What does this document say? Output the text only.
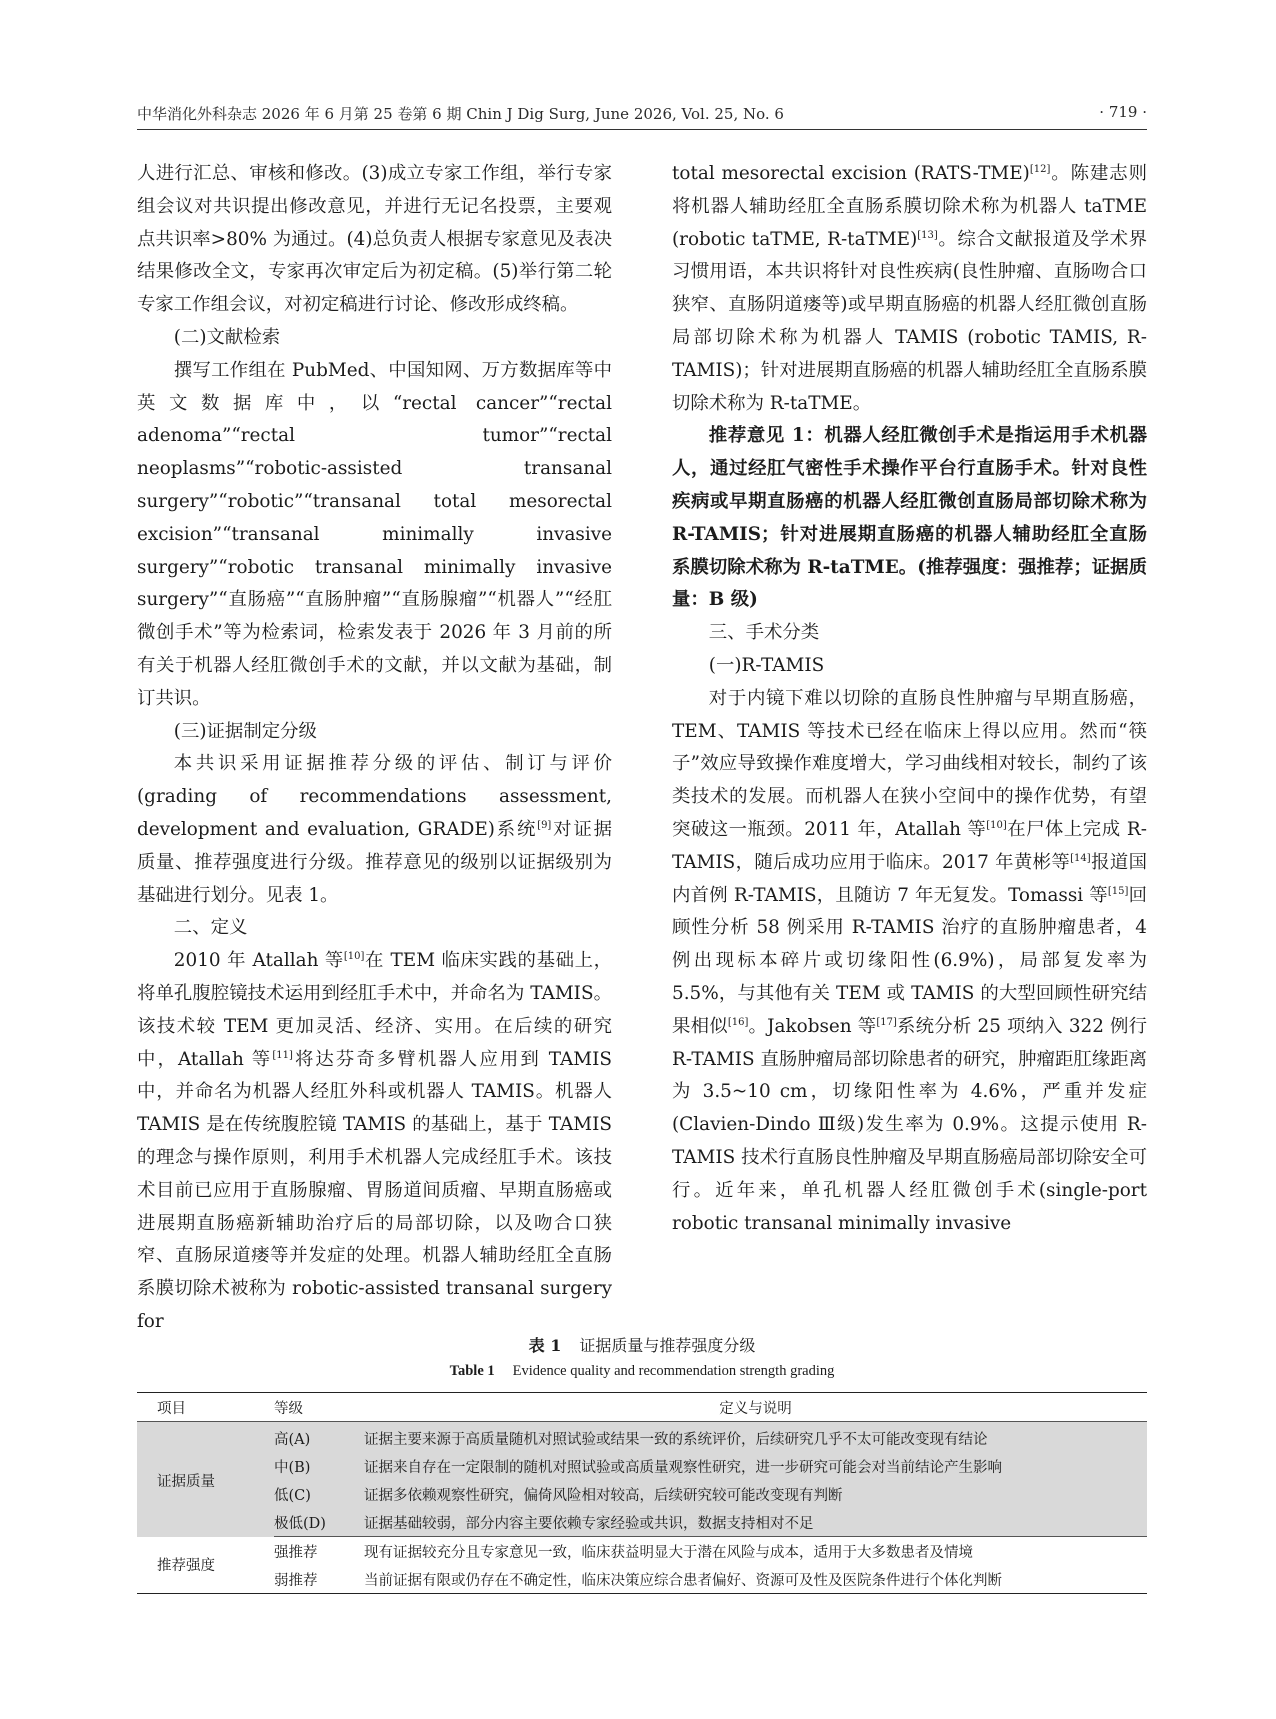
中华消化外科杂志 2026 年 6 月第 25 卷第 6 期 Chin J Dig Surg, June 2026, Vol. 25, No. 6	· 719 ·

人进行汇总、审核和修改。(3)成立专家工作组，举行专家组会议对共识提出修改意见，并进行无记名投票，主要观点共识率>80% 为通过。(4)总负责人根据专家意见及表决结果修改全文，专家再次审定后为初定稿。(5)举行第二轮专家工作组会议，对初定稿进行讨论、修改形成终稿。

(二)文献检索

撰写工作组在 PubMed、中国知网、万方数据库等中英文数据库中，以“rectal cancer”“rectal adenoma”“rectal tumor”“rectal neoplasms”“robotic-assisted transanal surgery”“robotic”“transanal total mesorectal excision”“transanal minimally invasive surgery”“robotic transanal minimally invasive surgery”“直肠癌”“直肠肿瘤”“直肠腺瘤”“机器人”“经肛微创手术”等为检索词，检索发表于 2026 年 3 月前的所有关于机器人经肛微创手术的文献，并以文献为基础，制订共识。

(三)证据制定分级

本共识采用证据推荐分级的评估、制订与评价(grading of recommendations assessment, development and evaluation, GRADE)系统[9]对证据质量、推荐强度进行分级。推荐意见的级别以证据级别为基础进行划分。见表 1。

二、定义

2010 年 Atallah 等[10]在 TEM 临床实践的基础上，将单孔腹腔镜技术运用到经肛手术中，并命名为 TAMIS。该技术较 TEM 更加灵活、经济、实用。在后续的研究中，Atallah 等[11]将达芬奇多臂机器人应用到 TAMIS 中，并命名为机器人经肛外科或机器人 TAMIS。机器人 TAMIS 是在传统腹腔镜 TAMIS 的基础上，基于 TAMIS 的理念与操作原则，利用手术机器人完成经肛手术。该技术目前已应用于直肠腺瘤、胃肠道间质瘤、早期直肠癌或进展期直肠癌新辅助治疗后的局部切除，以及吻合口狭窄、直肠尿道瘘等并发症的处理。机器人辅助经肛全直肠系膜切除术被称为 robotic-assisted transanal surgery for

total mesorectal excision (RATS-TME)[12]。陈建志则将机器人辅助经肛全直肠系膜切除术称为机器人 taTME (robotic taTME, R-taTME)[13]。综合文献报道及学术界习惯用语，本共识将针对良性疾病(良性肿瘤、直肠吻合口狭窄、直肠阴道瘘等)或早期直肠癌的机器人经肛微创直肠局部切除术称为机器人 TAMIS (robotic TAMIS, R-TAMIS)；针对进展期直肠癌的机器人辅助经肛全直肠系膜切除术称为 R-taTME。

推荐意见 1：机器人经肛微创手术是指运用手术机器人，通过经肛气密性手术操作平台行直肠手术。针对良性疾病或早期直肠癌的机器人经肛微创直肠局部切除术称为 R-TAMIS；针对进展期直肠癌的机器人辅助经肛全直肠系膜切除术称为 R-taTME。(推荐强度：强推荐；证据质量：B 级)

三、手术分类

(一)R-TAMIS

对于内镜下难以切除的直肠良性肿瘤与早期直肠癌，TEM、TAMIS 等技术已经在临床上得以应用。然而“筷子”效应导致操作难度增大，学习曲线相对较长，制约了该类技术的发展。而机器人在狭小空间中的操作优势，有望突破这一瓶颈。2011 年，Atallah 等[10]在尸体上完成 R-TAMIS，随后成功应用于临床。2017 年黄彬等[14]报道国内首例 R-TAMIS，且随访 7 年无复发。Tomassi 等[15]回顾性分析 58 例采用 R-TAMIS 治疗的直肠肿瘤患者，4 例出现标本碎片或切缘阳性(6.9%)，局部复发率为 5.5%，与其他有关 TEM 或 TAMIS 的大型回顾性研究结果相似[16]。Jakobsen 等[17]系统分析 25 项纳入 322 例行 R-TAMIS 直肠肿瘤局部切除患者的研究，肿瘤距肛缘距离为 3.5~10 cm，切缘阳性率为 4.6%，严重并发症(Clavien-Dindo Ⅲ级)发生率为 0.9%。这提示使用 R-TAMIS 技术行直肠良性肿瘤及早期直肠癌局部切除安全可行。近年来，单孔机器人经肛微创手术(single-port robotic transanal minimally invasive

表 1 证据质量与推荐强度分级
Table 1 Evidence quality and recommendation strength grading
项目	等级	定义与说明
证据质量	高(A)	证据主要来源于高质量随机对照试验或结果一致的系统评价，后续研究几乎不太可能改变现有结论
	中(B)	证据来自存在一定限制的随机对照试验或高质量观察性研究，进一步研究可能会对当前结论产生影响
	低(C)	证据多依赖观察性研究，偏倚风险相对较高，后续研究较可能改变现有判断
	极低(D)	证据基础较弱，部分内容主要依赖专家经验或共识，数据支持相对不足
推荐强度	强推荐	现有证据较充分且专家意见一致，临床获益明显大于潜在风险与成本，适用于大多数患者及情境
	弱推荐	当前证据有限或仍存在不确定性，临床决策应综合患者偏好、资源可及性及医院条件进行个体化判断
